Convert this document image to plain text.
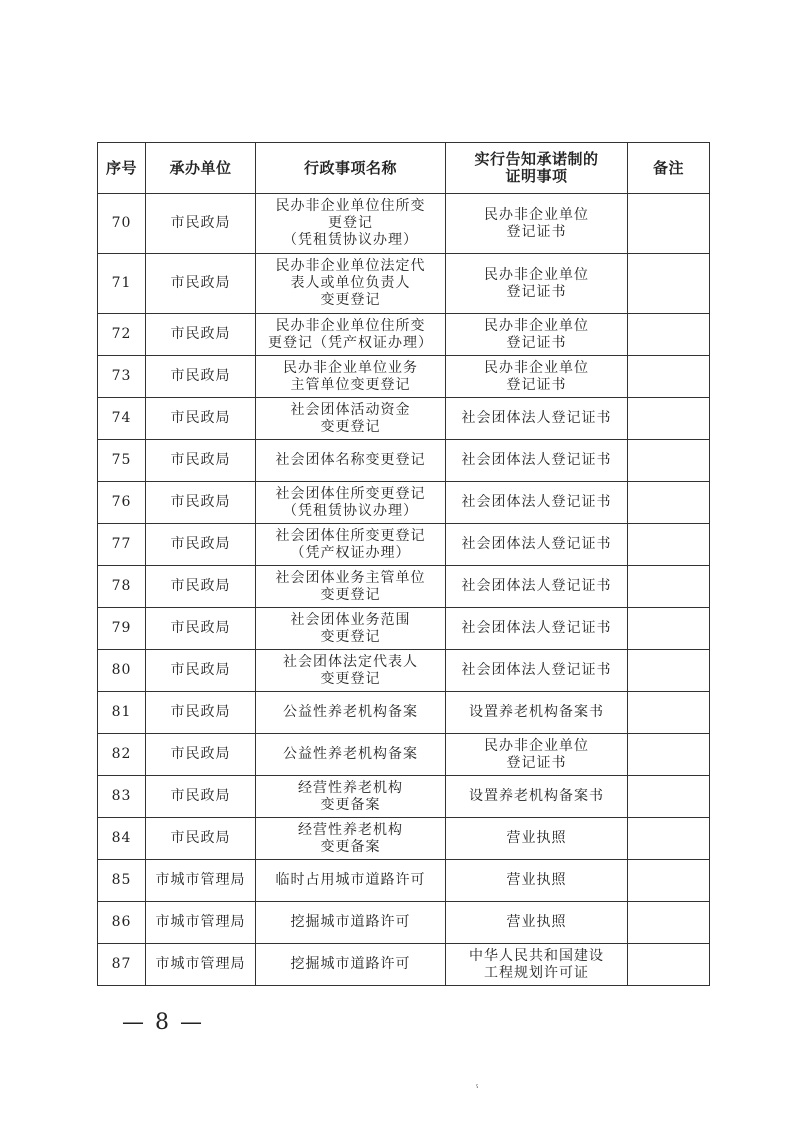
序号	承办单位	行政事项名称	实行告知承诺制的
证明事项	备注
70	市民政局	民办非企业单位住所变
更登记
（凭租赁协议办理）	民办非企业单位
登记证书	
71	市民政局	民办非企业单位法定代
表人或单位负责人
变更登记	民办非企业单位
登记证书	
72	市民政局	民办非企业单位住所变
更登记（凭产权证办理）	民办非企业单位
登记证书	
73	市民政局	民办非企业单位业务
主管单位变更登记	民办非企业单位
登记证书	
74	市民政局	社会团体活动资金
变更登记	社会团体法人登记证书	
75	市民政局	社会团体名称变更登记	社会团体法人登记证书	
76	市民政局	社会团体住所变更登记
（凭租赁协议办理）	社会团体法人登记证书	
77	市民政局	社会团体住所变更登记
（凭产权证办理）	社会团体法人登记证书	
78	市民政局	社会团体业务主管单位
变更登记	社会团体法人登记证书	
79	市民政局	社会团体业务范围
变更登记	社会团体法人登记证书	
80	市民政局	社会团体法定代表人
变更登记	社会团体法人登记证书	
81	市民政局	公益性养老机构备案	设置养老机构备案书	
82	市民政局	公益性养老机构备案	民办非企业单位
登记证书	
83	市民政局	经营性养老机构
变更备案	设置养老机构备案书	
84	市民政局	经营性养老机构
变更备案	营业执照	
85	市城市管理局	临时占用城市道路许可	营业执照	
86	市城市管理局	挖掘城市道路许可	营业执照	
87	市城市管理局	挖掘城市道路许可	中华人民共和国建设
工程规划许可证	
— 8 —
ˤ
